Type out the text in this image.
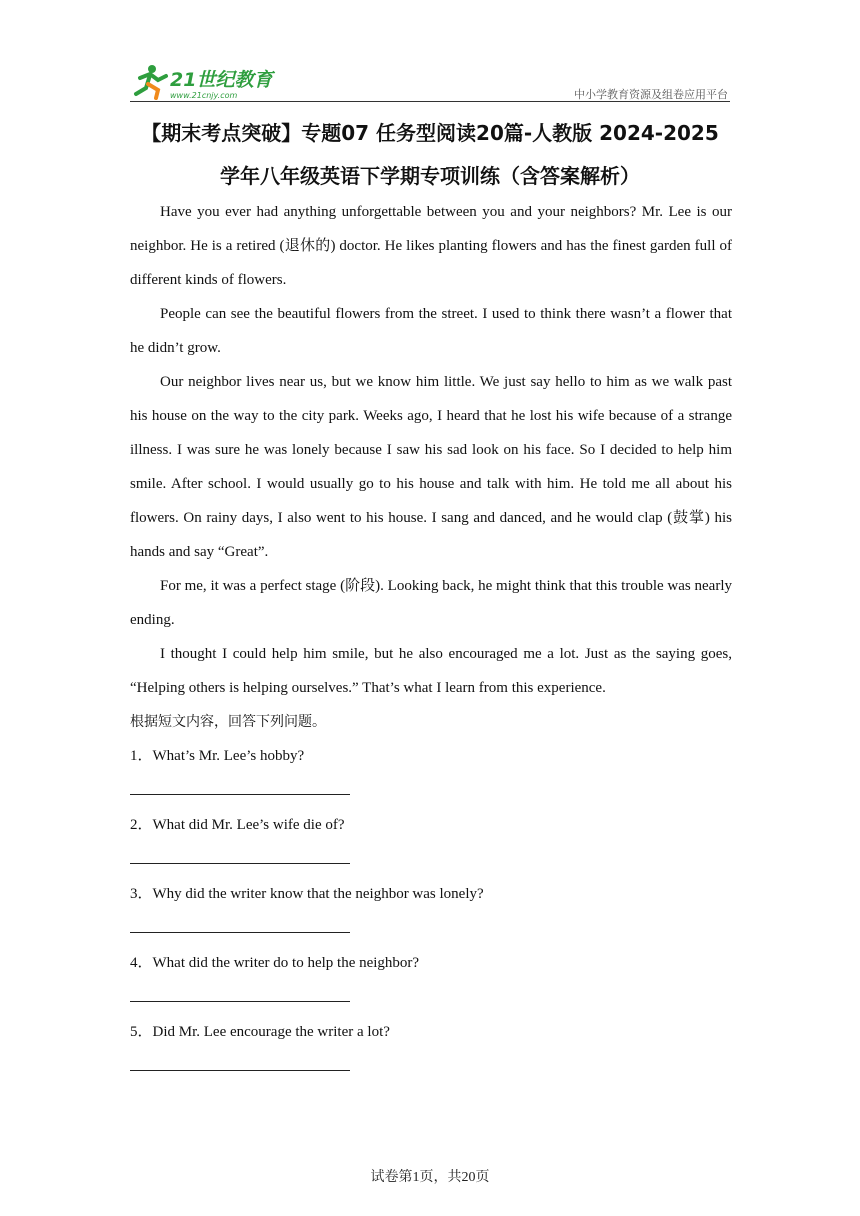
21世纪教育
www.21cnjy.com	中小学教育资源及组卷应用平台
【期末考点突破】专题07 任务型阅读20篇-人教版 2024-2025
学年八年级英语下学期专项训练（含答案解析）

Have you ever had anything unforgettable between you and your neighbors? Mr. Lee is our neighbor. He is a retired (退休的) doctor. He likes planting flowers and has the finest garden full of different kinds of flowers.

People can see the beautiful flowers from the street. I used to think there wasn’t a flower that he didn’t grow.

Our neighbor lives near us, but we know him little. We just say hello to him as we walk past his house on the way to the city park. Weeks ago, I heard that he lost his wife because of a strange illness. I was sure he was lonely because I saw his sad look on his face. So I decided to help him smile. After school. I would usually go to his house and talk with him. He told me all about his flowers. On rainy days, I also went to his house. I sang and danced, and he would clap (鼓掌) his hands and say “Great”.

For me, it was a perfect stage (阶段). Looking back, he might think that this trouble was nearly ending.

I thought I could help him smile, but he also encouraged me a lot. Just as the saying goes, “Helping others is helping ourselves.” That’s what I learn from this experience.

根据短文内容，回答下列问题。

1．What’s Mr. Lee’s hobby?

2．What did Mr. Lee’s wife die of?

3．Why did the writer know that the neighbor was lonely?

4．What did the writer do to help the neighbor?

5．Did Mr. Lee encourage the writer a lot?

试卷第1页，共20页
